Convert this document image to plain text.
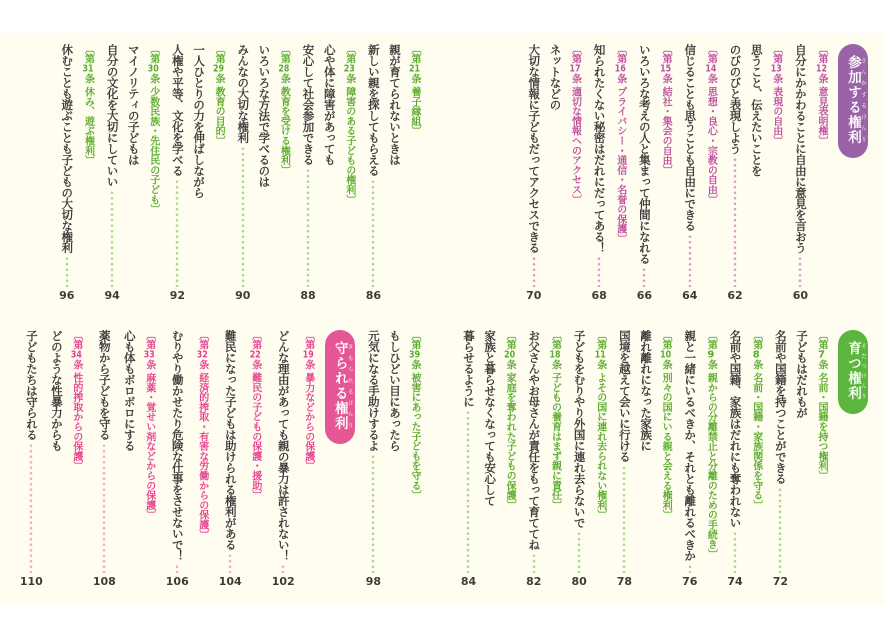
参加する権利 さんかするけんり
〔第12条 意見表明権〕
自分にかかわることに自由に意見を言おう
60
〔第13条 表現の自由〕
思うこと、伝えたいことを
のびのびと表現しよう
62
〔第14条 思想・良心・宗教の自由〕
信じることも思うことも自由にできる
64
〔第15条 結社・集会の自由〕
いろいろな考えの人と集まって仲間になれる
66
〔第16条 プライバシー・通信・名誉の保護〕
知られたくない秘密はだれにだってある！
68
〔第17条 適切な情報へのアクセス〕
ネットなどの
大切な情報に子どもだってアクセスできる
70
〔第21条 養子縁組〕
親が育てられないときは
新しい親を探してもらえる
86
〔第23条 障害のある子どもの権利〕
心や体に障害があっても
安心して社会参加できる
88
〔第28条 教育を受ける権利〕
いろいろな方法で学べるのは
みんなの大切な権利
90
〔第29条 教育の目的〕
一人ひとりの力を伸ばしながら
人権や平等、文化を学べる
92
〔第30条 少数民族・先住民の子ども〕
マイノリティの子どもは
自分の文化を大切にしていい
94
〔第31条 休み、遊ぶ権利〕
休むことも遊ぶことも子どもの大切な権利
96
育つ権利 そだつけんり
〔第7条 名前・国籍を持つ権利〕
子どもはだれもが
名前や国籍を持つことができる
72
〔第8条 名前・国籍・家族関係を守る〕
名前や国籍、家族はだれにも奪われない
74
〔第9条 親からの分離禁止と分離のための手続き〕
親と一緒にいるべきか、それとも離れるべきか
76
〔第10条 別々の国にいる親と会える権利〕
離れ離れになった家族に
国境を越えて会いに行ける
78
〔第11条 よその国に連れ去られない権利〕
子どもをむりやり外国に連れ去らないで
80
〔第18条 子どもの養育はまず親に責任〕
お父さんやお母さんが責任をもって育ててね
82
〔第20条 家庭を奪われた子どもの保護〕
家族と暮らせなくなっても安心して
暮らせるように
84
〔第39条 被害にあった子どもを守る〕
もしひどい目にあったら
元気になる手助けするよ
98
守られる権利 まもられるけんり
〔第19条 暴力などからの保護〕
どんな理由があっても親の暴力は許されない！
102
〔第22条 難民の子どもの保護・援助〕
難民になった子どもは助けられる権利がある
104
〔第32条 経済的搾取・有害な労働からの保護〕
むりやり働かせたり危険な仕事をさせないで！
106
〔第33条 麻薬・覚せい剤などからの保護〕
心も体もボロボロにする
薬物から子どもを守る
108
〔第34条 性的搾取からの保護〕
どのような性暴力からも
子どもたちは守られる
110
